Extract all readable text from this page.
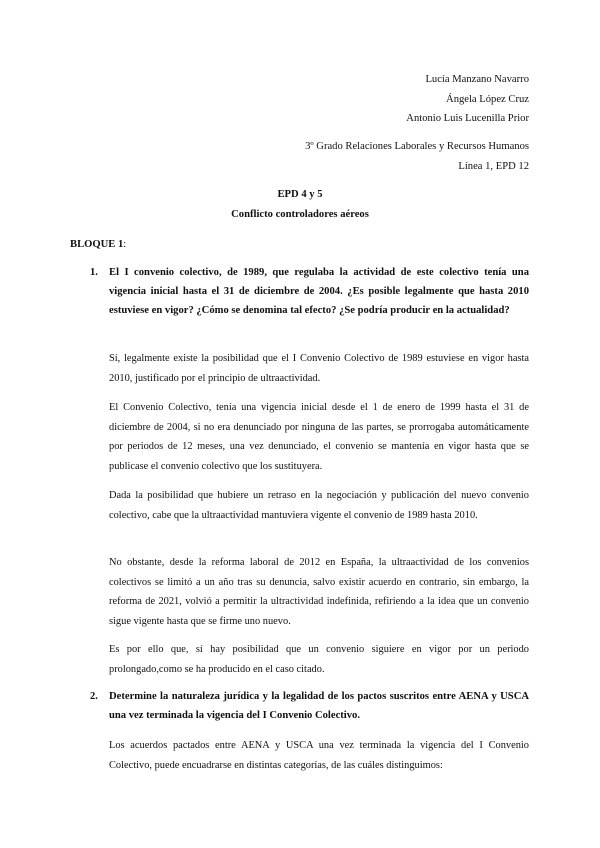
Lucía Manzano Navarro
Ángela López Cruz
Antonio Luis Lucenilla Prior
3º Grado Relaciones Laborales y Recursos Humanos
Línea 1, EPD 12
EPD 4 y 5
Conflicto controladores aéreos
BLOQUE 1:
1. El I convenio colectivo, de 1989, que regulaba la actividad de este colectivo tenía una vigencia inicial hasta el 31 de diciembre de 2004. ¿Es posible legalmente que hasta 2010 estuviese en vigor? ¿Cómo se denomina tal efecto? ¿Se podría producir en la actualidad?
Sí, legalmente existe la posibilidad que el I Convenio Colectivo de 1989 estuviese en vigor hasta 2010, justificado por el principio de ultraactividad.
El Convenio Colectivo, tenía una vigencia inicial desde el 1 de enero de 1999 hasta el 31 de diciembre de 2004, si no era denunciado por ninguna de las partes, se prorrogaba automáticamente por periodos de 12 meses, una vez denunciado, el convenio se mantenía en vigor hasta que se publicase el convenio colectivo que los sustituyera.
Dada la posibilidad que hubiere un retraso en la negociación y publicación del nuevo convenio colectivo, cabe que la ultraactividad mantuviera vigente el convenio de 1989 hasta 2010.
No obstante, desde la reforma laboral de 2012 en España, la ultraactividad de los convenios colectivos se limitó a un año tras su denuncia, salvo existir acuerdo en contrario, sin embargo, la reforma de 2021, volvió a permitir la ultractividad indefinida, refiriendo a la idea que un convenio sigue vigente hasta que se firme uno nuevo.
Es por ello que, sí hay posibilidad que un convenio siguiere en vigor por un periodo prolongado,como se ha producido en el caso citado.
2. Determine la naturaleza jurídica y la legalidad de los pactos suscritos entre AENA y USCA una vez terminada la vigencia del I Convenio Colectivo.
Los acuerdos pactados entre AENA y USCA una vez terminada la vigencia del I Convenio Colectivo, puede encuadrarse en distintas categorías, de las cuáles distinguimos:
